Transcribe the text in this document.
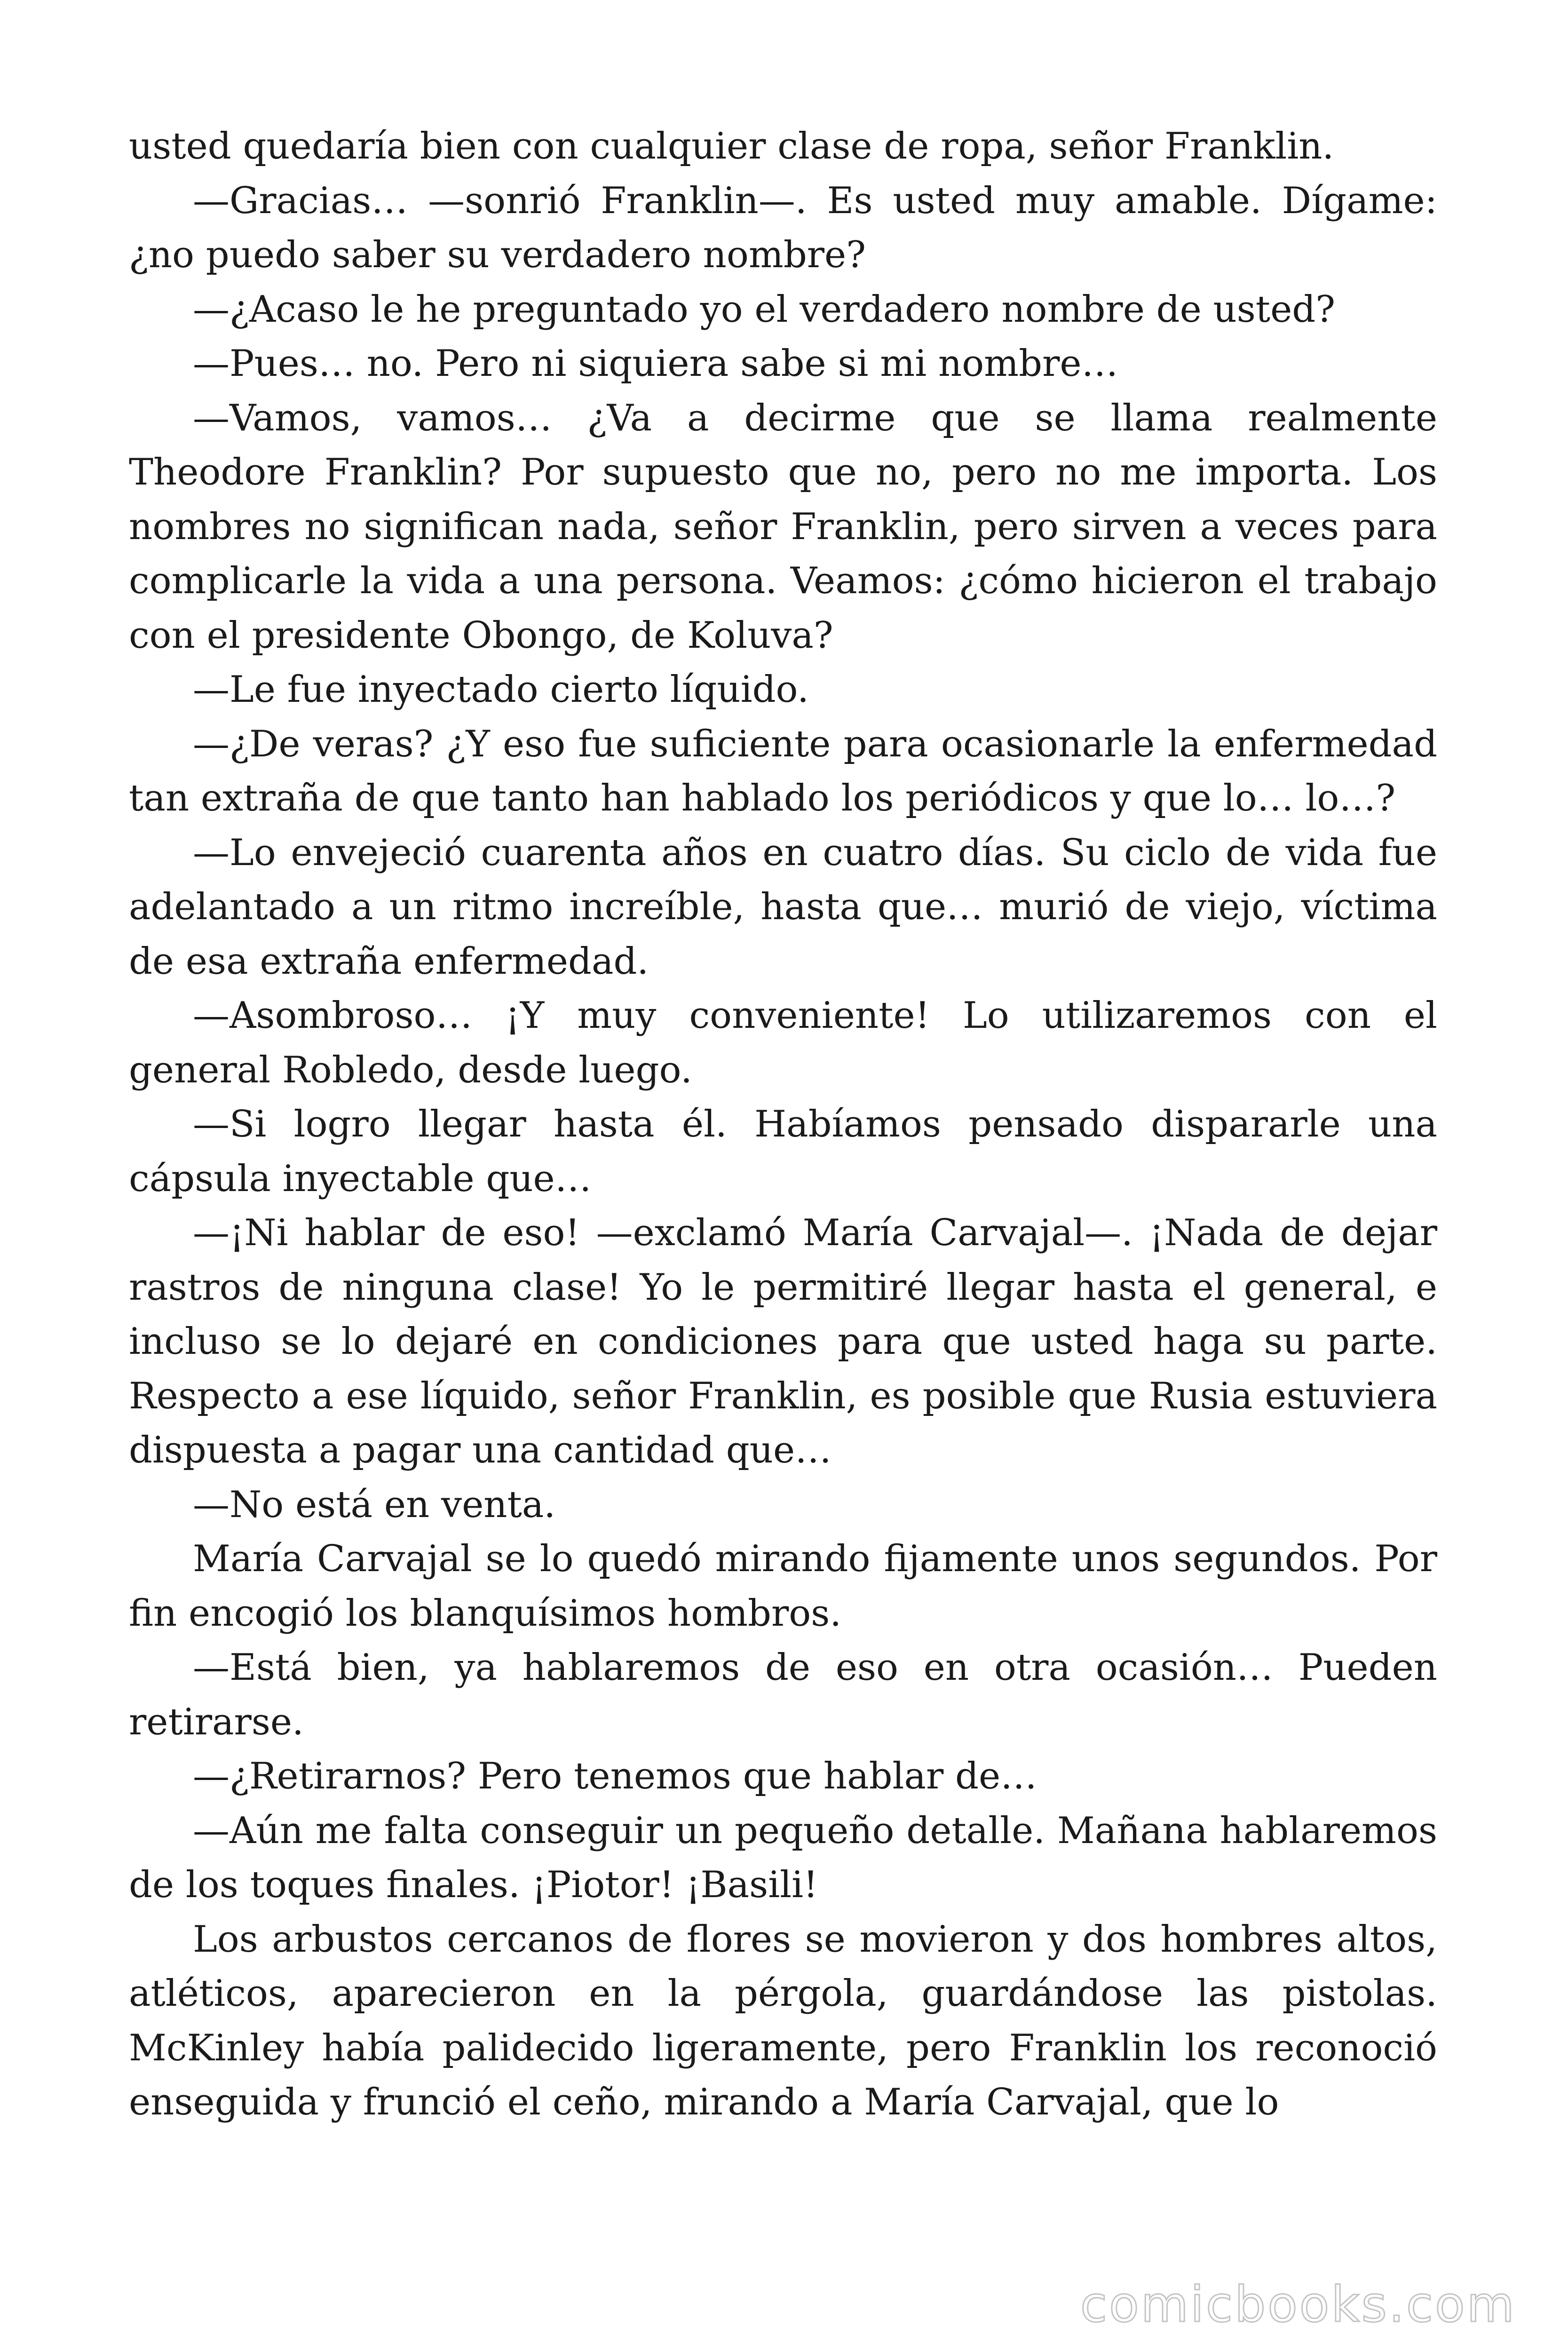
usted quedaría bien con cualquier clase de ropa, señor Franklin.

—Gracias… —sonrió Franklin—. Es usted muy amable. Dígame: ¿no puedo saber su verdadero nombre?

—¿Acaso le he preguntado yo el verdadero nombre de usted?

—Pues… no. Pero ni siquiera sabe si mi nombre…

—Vamos, vamos… ¿Va a decirme que se llama realmente Theodore Franklin? Por supuesto que no, pero no me importa. Los nombres no significan nada, señor Franklin, pero sirven a veces para complicarle la vida a una persona. Veamos: ¿cómo hicieron el trabajo con el presidente Obongo, de Koluva?

—Le fue inyectado cierto líquido.

—¿De veras? ¿Y eso fue suficiente para ocasionarle la enfermedad tan extraña de que tanto han hablado los periódicos y que lo… lo…?

—Lo envejeció cuarenta años en cuatro días. Su ciclo de vida fue adelantado a un ritmo increíble, hasta que… murió de viejo, víctima de esa extraña enfermedad.

—Asombroso… ¡Y muy conveniente! Lo utilizaremos con el general Robledo, desde luego.

—Si logro llegar hasta él. Habíamos pensado dispararle una cápsula inyectable que…

—¡Ni hablar de eso! —exclamó María Carvajal—. ¡Nada de dejar rastros de ninguna clase! Yo le permitiré llegar hasta el general, e incluso se lo dejaré en condiciones para que usted haga su parte. Respecto a ese líquido, señor Franklin, es posible que Rusia estuviera dispuesta a pagar una cantidad que…

—No está en venta.

María Carvajal se lo quedó mirando fijamente unos segundos. Por fin encogió los blanquísimos hombros.

—Está bien, ya hablaremos de eso en otra ocasión… Pueden retirarse.

—¿Retirarnos? Pero tenemos que hablar de…

—Aún me falta conseguir un pequeño detalle. Mañana hablaremos de los toques finales. ¡Piotor! ¡Basili!

Los arbustos cercanos de flores se movieron y dos hombres altos, atléticos, aparecieron en la pérgola, guardándose las pistolas. McKinley había palidecido ligeramente, pero Franklin los reconoció enseguida y frunció el ceño, mirando a María Carvajal, que lo

comicbooks.com
